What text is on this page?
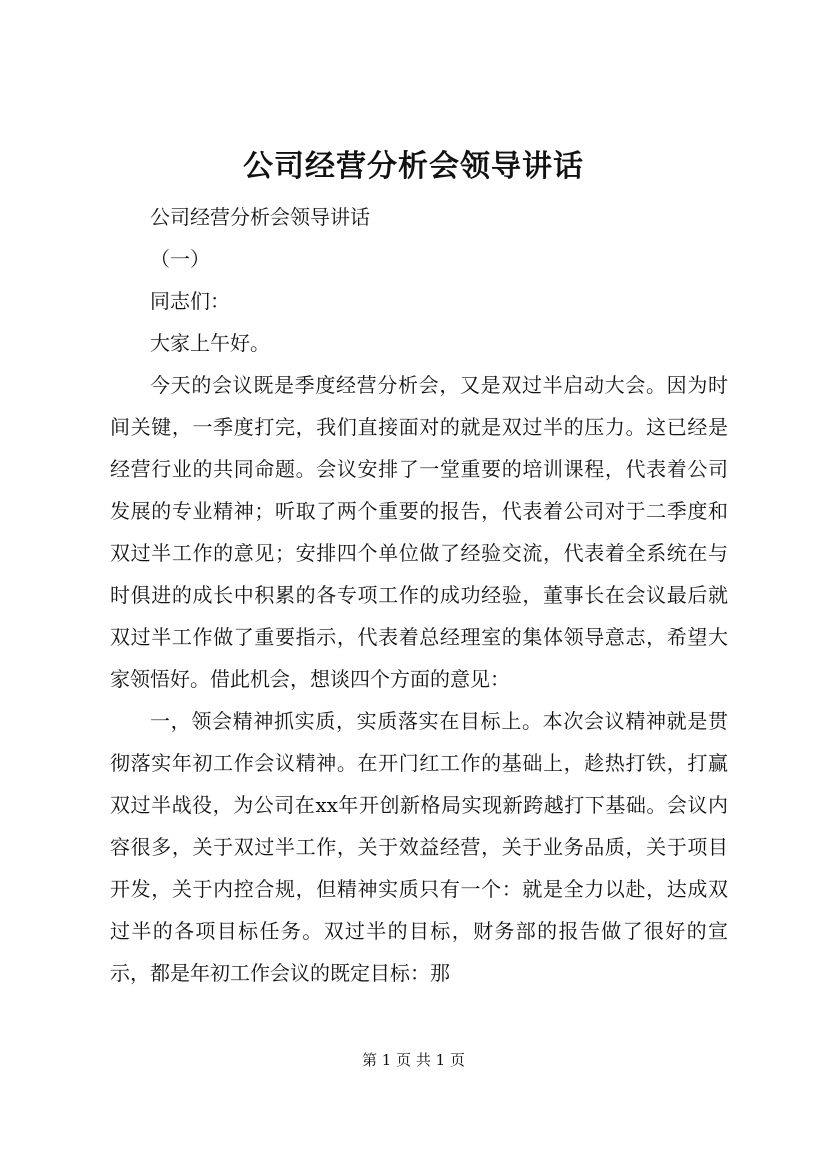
公司经营分析会领导讲话

公司经营分析会领导讲话

（一）

同志们：

大家上午好。

今天的会议既是季度经营分析会，又是双过半启动大会。因为时间关键，一季度打完，我们直接面对的就是双过半的压力。这已经是经营行业的共同命题。会议安排了一堂重要的培训课程，代表着公司发展的专业精神；听取了两个重要的报告，代表着公司对于二季度和双过半工作的意见；安排四个单位做了经验交流，代表着全系统在与时俱进的成长中积累的各专项工作的成功经验，董事长在会议最后就双过半工作做了重要指示，代表着总经理室的集体领导意志，希望大家领悟好。借此机会，想谈四个方面的意见：

一，领会精神抓实质，实质落实在目标上。本次会议精神就是贯彻落实年初工作会议精神。在开门红工作的基础上，趁热打铁，打赢双过半战役，为公司在xx年开创新格局实现新跨越打下基础。会议内容很多，关于双过半工作，关于效益经营，关于业务品质，关于项目开发，关于内控合规，但精神实质只有一个：就是全力以赴，达成双过半的各项目标任务。双过半的目标，财务部的报告做了很好的宣示，都是年初工作会议的既定目标：那

第 1 页 共 1 页
